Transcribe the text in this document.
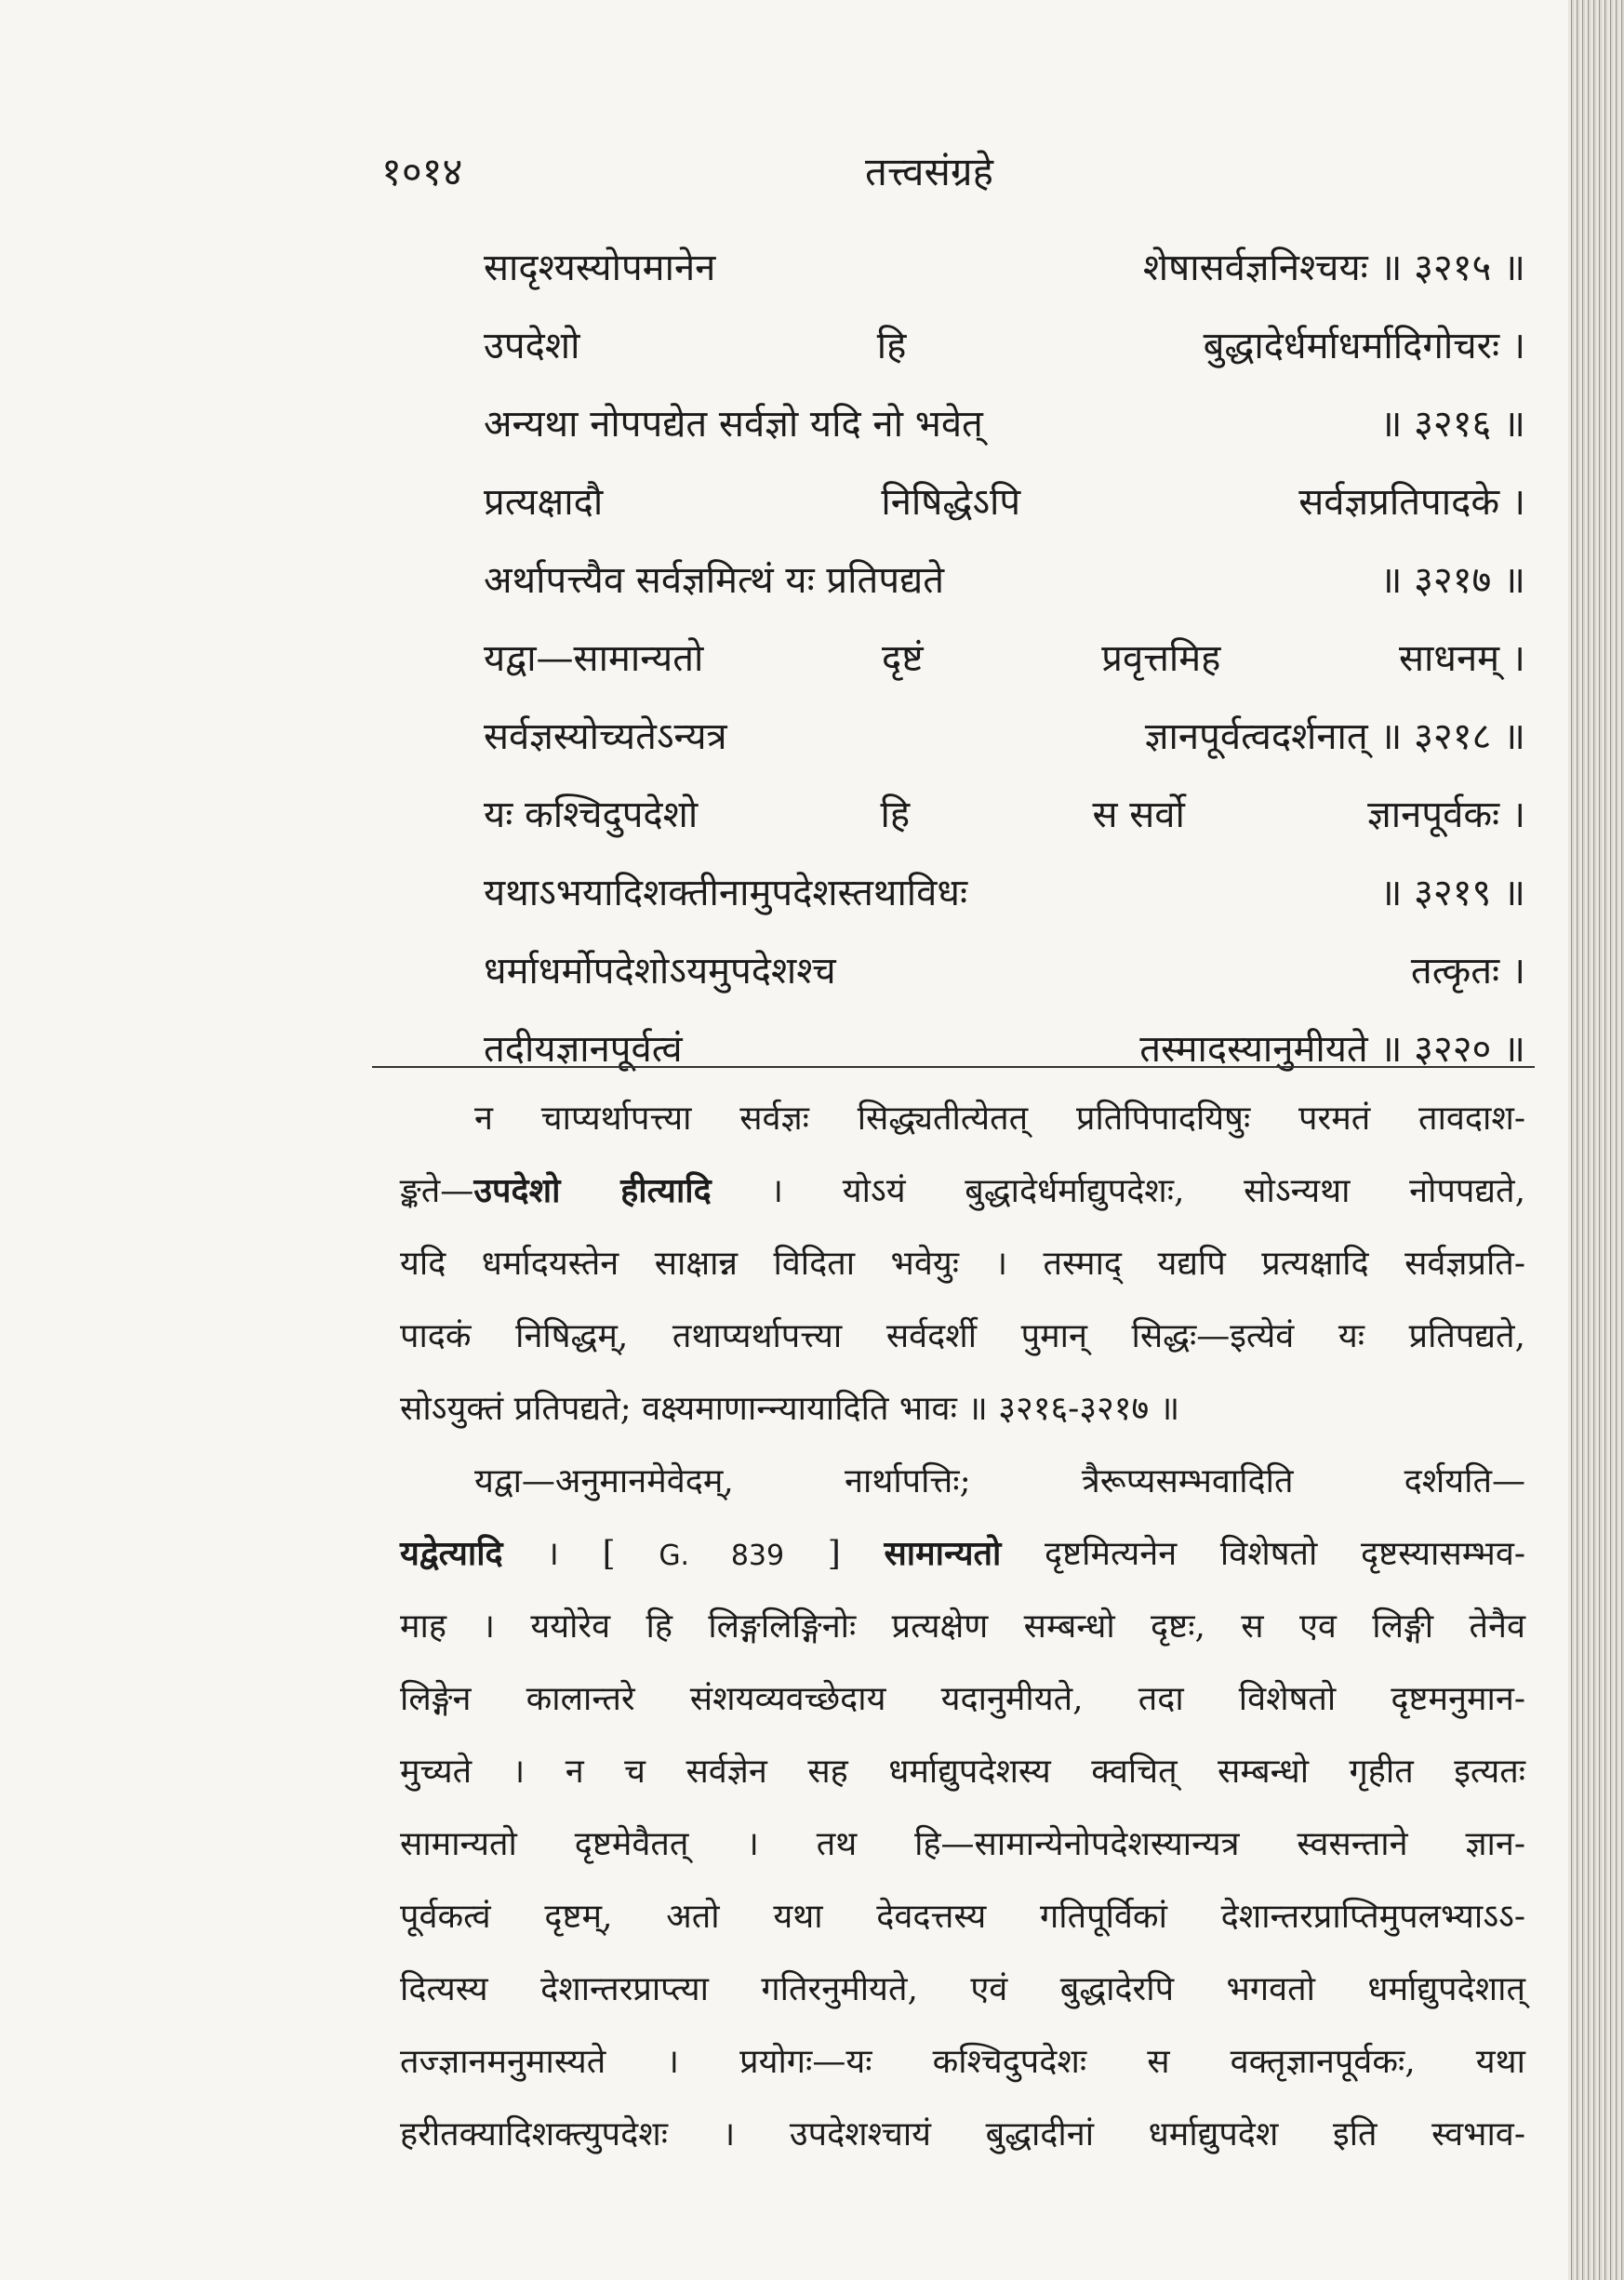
१०१४	तत्त्वसंग्रहे
सादृश्यस्योपमानेन	शेषासर्वज्ञनिश्चयः ॥ ३२१५ ॥
उपदेशो	हि	बुद्धादेर्धर्माधर्मादिगोचरः ।
अन्यथा नोपपद्येत सर्वज्ञो यदि नो भवेत्	॥ ३२१६ ॥
प्रत्यक्षादौ	निषिद्धेऽपि	सर्वज्ञप्रतिपादके ।
अर्थापत्त्यैव सर्वज्ञमित्थं यः प्रतिपद्यते	॥ ३२१७ ॥
यद्वा—सामान्यतो	दृष्टं	प्रवृत्तमिह	साधनम् ।
सर्वज्ञस्योच्यतेऽन्यत्र	ज्ञानपूर्वत्वदर्शनात् ॥ ३२१८ ॥
यः कश्चिदुपदेशो	हि	स सर्वो	ज्ञानपूर्वकः ।
यथाऽभयादिशक्तीनामुपदेशस्तथाविधः	॥ ३२१९ ॥
धर्माधर्मोपदेशोऽयमुपदेशश्च	तत्कृतः ।
तदीयज्ञानपूर्वत्वं	तस्मादस्यानुमीयते ॥ ३२२० ॥
न चाप्यर्थापत्त्या सर्वज्ञः सिद्ध्यतीत्येतत् प्रतिपिपादयिषुः परमतं तावदाश-
ङ्कते—उपदेशो हीत्यादि । योऽयं बुद्धादेर्धर्माद्युपदेशः, सोऽन्यथा नोपपद्यते,
यदि धर्मादयस्तेन साक्षान्न विदिता भवेयुः । तस्माद् यद्यपि प्रत्यक्षादि सर्वज्ञप्रति-
पादकं निषिद्धम्, तथाप्यर्थापत्त्या सर्वदर्शी पुमान् सिद्धः—इत्येवं यः प्रतिपद्यते,
सोऽयुक्तं प्रतिपद्यते; वक्ष्यमाणान्न्यायादिति भावः ॥ ३२१६-३२१७ ॥
यद्वा—अनुमानमेवेदम्, नार्थापत्तिः; त्रैरूप्यसम्भवादिति दर्शयति—
यद्वेत्यादि । [ G. 839 ] सामान्यतो दृष्टमित्यनेन विशेषतो दृष्टस्यासम्भव-
माह । ययोरेव हि लिङ्गलिङ्गिनोः प्रत्यक्षेण सम्बन्धो दृष्टः, स एव लिङ्गी तेनैव
लिङ्गेन कालान्तरे संशयव्यवच्छेदाय यदानुमीयते, तदा विशेषतो दृष्टमनुमान-
मुच्यते । न च सर्वज्ञेन सह धर्माद्युपदेशस्य क्वचित् सम्बन्धो गृहीत इत्यतः
सामान्यतो दृष्टमेवैतत् । तथ हि—सामान्येनोपदेशस्यान्यत्र स्वसन्ताने ज्ञान-
पूर्वकत्वं दृष्टम्, अतो यथा देवदत्तस्य गतिपूर्विकां देशान्तरप्राप्तिमुपलभ्याऽऽ-
दित्यस्य देशान्तरप्राप्त्या गतिरनुमीयते, एवं बुद्धादेरपि भगवतो धर्माद्युपदेशात्
तज्ज्ञानमनुमास्यते । प्रयोगः—यः कश्चिदुपदेशः स वक्तृज्ञानपूर्वकः, यथा
हरीतक्यादिशक्त्युपदेशः । उपदेशश्चायं बुद्धादीनां धर्माद्युपदेश इति स्वभाव-
